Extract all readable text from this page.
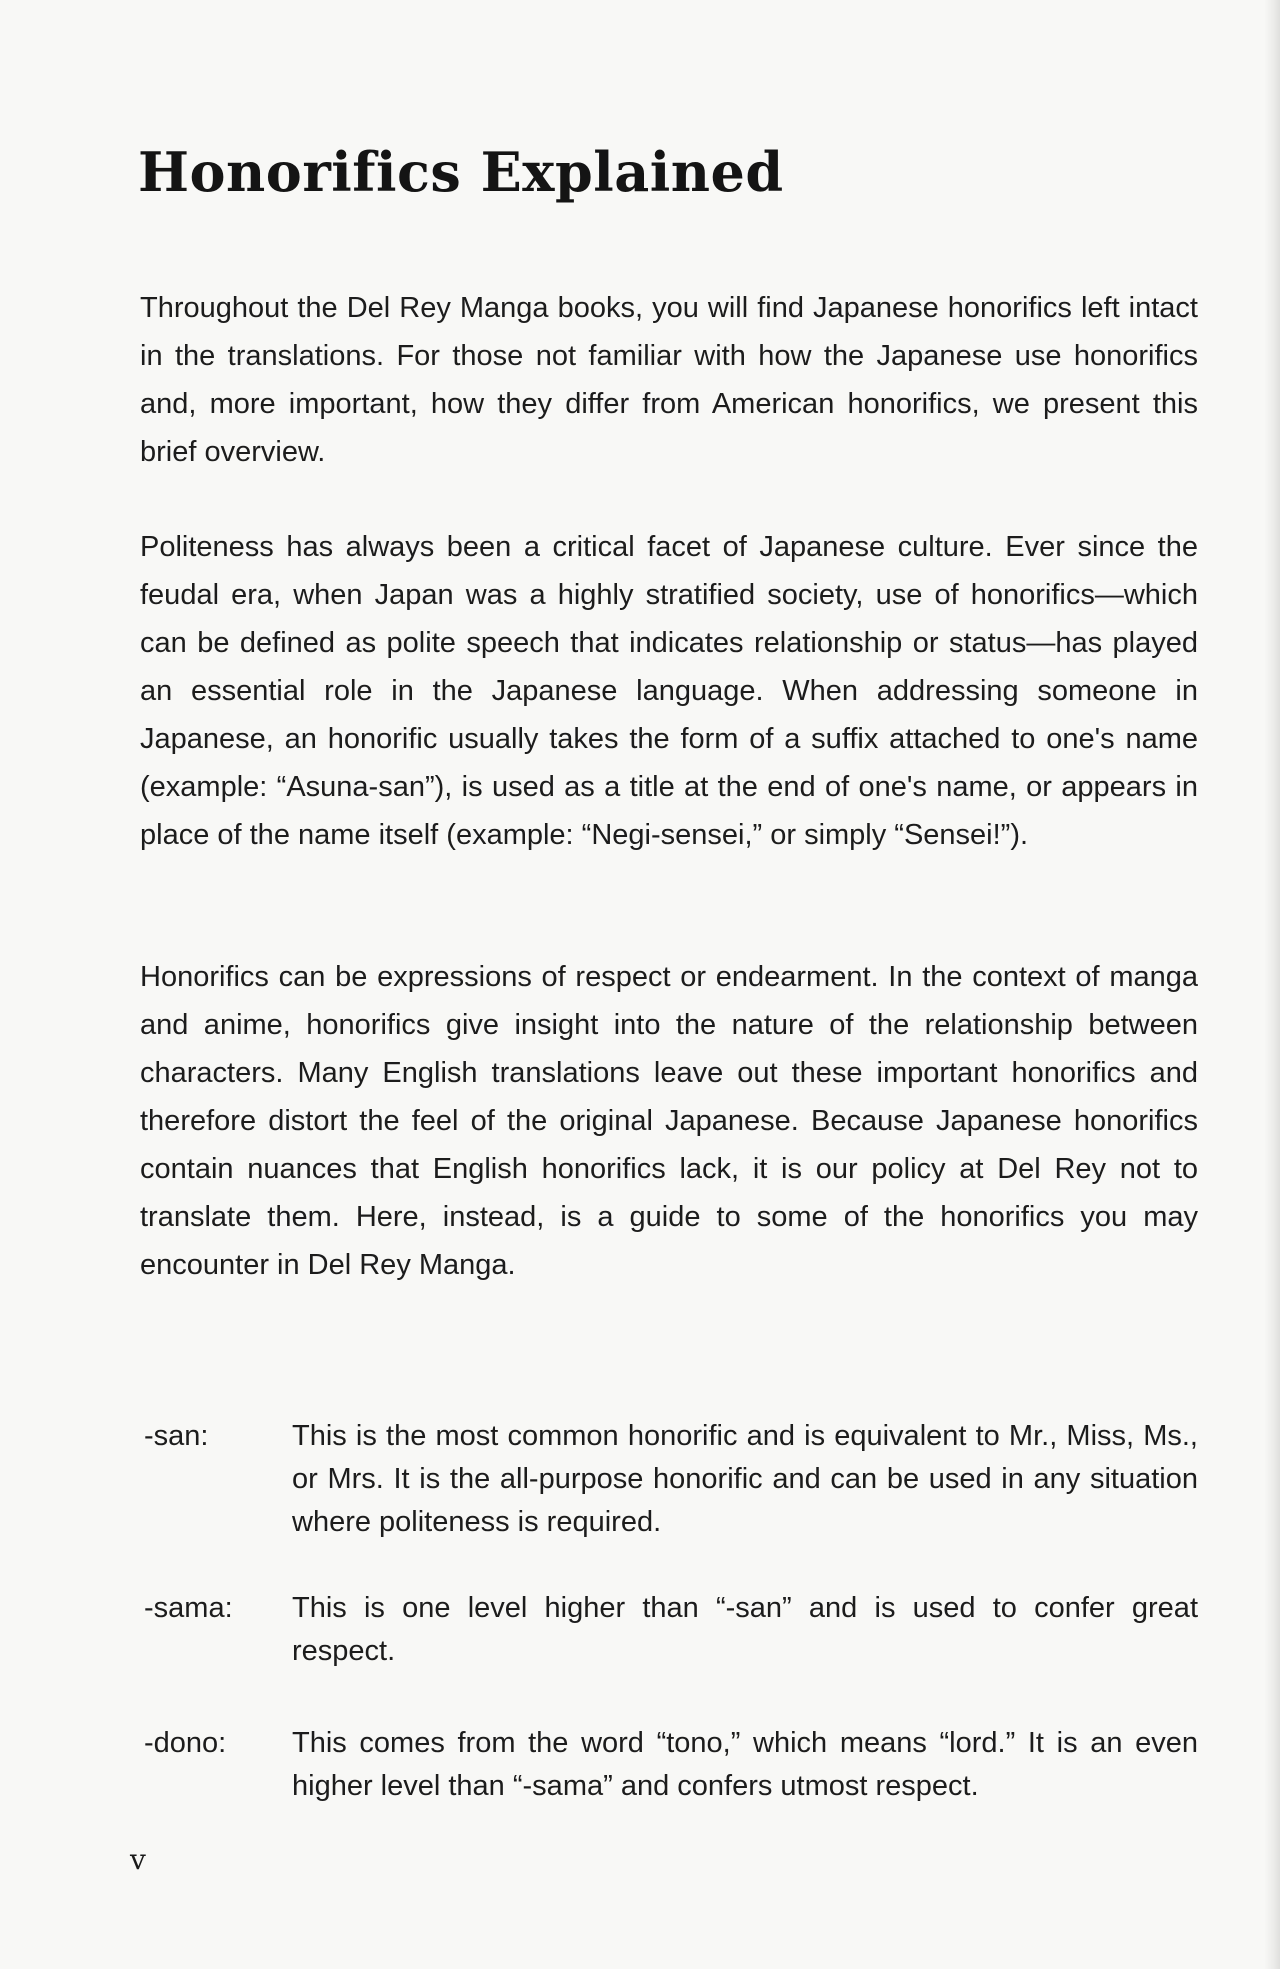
Honorifics Explained

Throughout the Del Rey Manga books, you will find Japanese honorifics left intact in the translations. For those not familiar with how the Japanese use honorifics and, more important, how they differ from American honorifics, we present this brief overview.

Politeness has always been a critical facet of Japanese culture. Ever since the feudal era, when Japan was a highly stratified society, use of honorifics—which can be defined as polite speech that indicates relationship or status—has played an essential role in the Japanese language. When addressing someone in Japanese, an honorific usually takes the form of a suffix attached to one's name (example: “Asuna-san”), is used as a title at the end of one's name, or appears in place of the name itself (example: “Negi-sensei,” or simply “Sensei!”).

Honorifics can be expressions of respect or endearment. In the context of manga and anime, honorifics give insight into the nature of the relationship between characters. Many English translations leave out these important honorifics and therefore distort the feel of the original Japanese. Because Japanese honorifics contain nuances that English honorifics lack, it is our policy at Del Rey not to translate them. Here, instead, is a guide to some of the honorifics you may encounter in Del Rey Manga.

-san:	This is the most common honorific and is equivalent to Mr., Miss, Ms., or Mrs. It is the all-purpose honorific and can be used in any situation where politeness is required.

-sama: This is one level higher than “-san” and is used to confer great respect.

-dono: This comes from the word “tono,” which means “lord.” It is an even higher level than “-sama” and confers utmost respect.

v
